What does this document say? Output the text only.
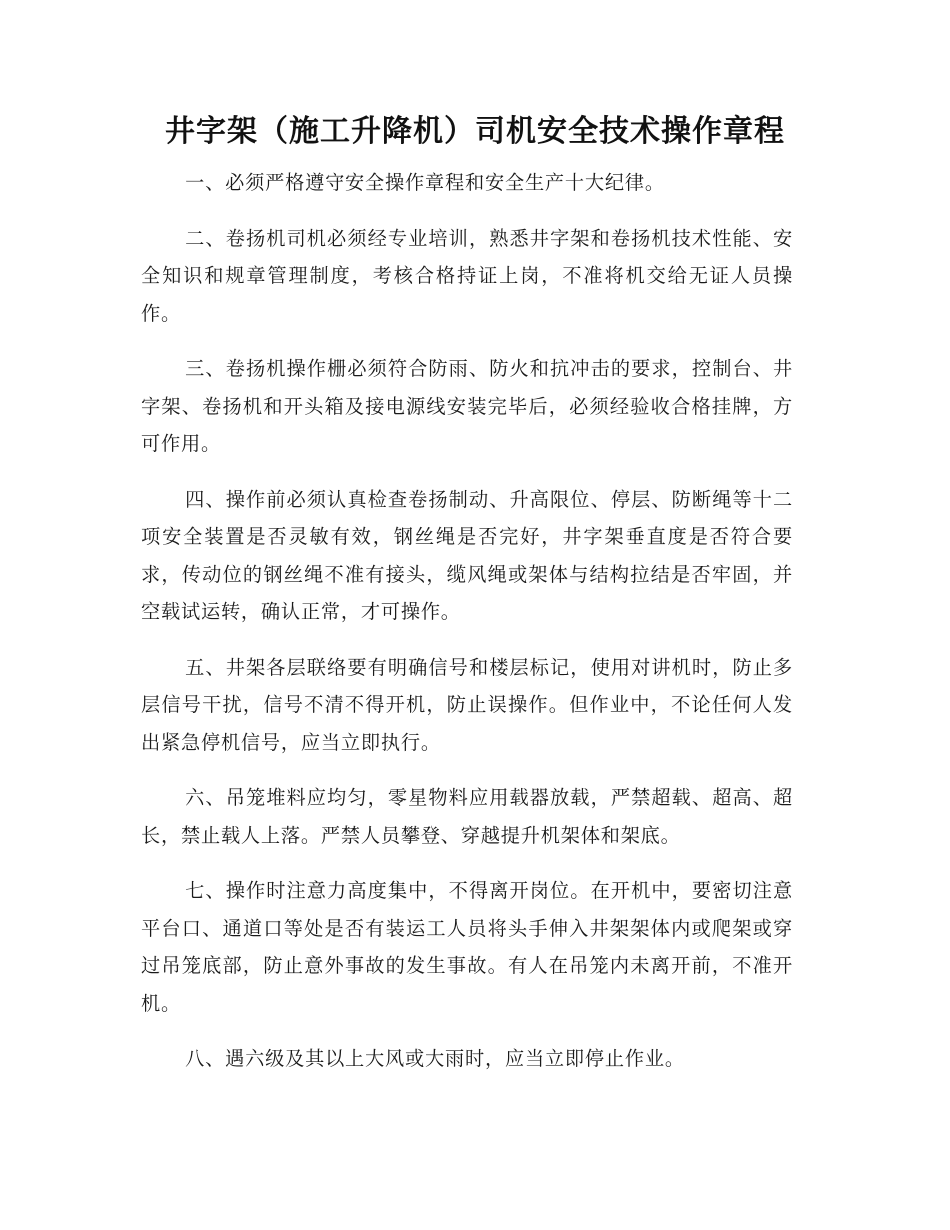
井字架（施工升降机）司机安全技术操作章程

一、必须严格遵守安全操作章程和安全生产十大纪律。

二、卷扬机司机必须经专业培训，熟悉井字架和卷扬机技术性能、安全知识和规章管理制度，考核合格持证上岗，不准将机交给无证人员操作。

三、卷扬机操作栅必须符合防雨、防火和抗冲击的要求，控制台、井字架、卷扬机和开头箱及接电源线安装完毕后，必须经验收合格挂牌，方可作用。

四、操作前必须认真检查卷扬制动、升高限位、停层、防断绳等十二项安全装置是否灵敏有效，钢丝绳是否完好，井字架垂直度是否符合要求，传动位的钢丝绳不准有接头，缆风绳或架体与结构拉结是否牢固，并空载试运转，确认正常，才可操作。

五、井架各层联络要有明确信号和楼层标记，使用对讲机时，防止多层信号干扰，信号不清不得开机，防止误操作。但作业中，不论任何人发出紧急停机信号，应当立即执行。

六、吊笼堆料应均匀，零星物料应用载器放载，严禁超载、超高、超长，禁止载人上落。严禁人员攀登、穿越提升机架体和架底。

七、操作时注意力高度集中，不得离开岗位。在开机中，要密切注意平台口、通道口等处是否有装运工人员将头手伸入井架架体内或爬架或穿过吊笼底部，防止意外事故的发生事故。有人在吊笼内未离开前，不准开机。

八、遇六级及其以上大风或大雨时，应当立即停止作业。
